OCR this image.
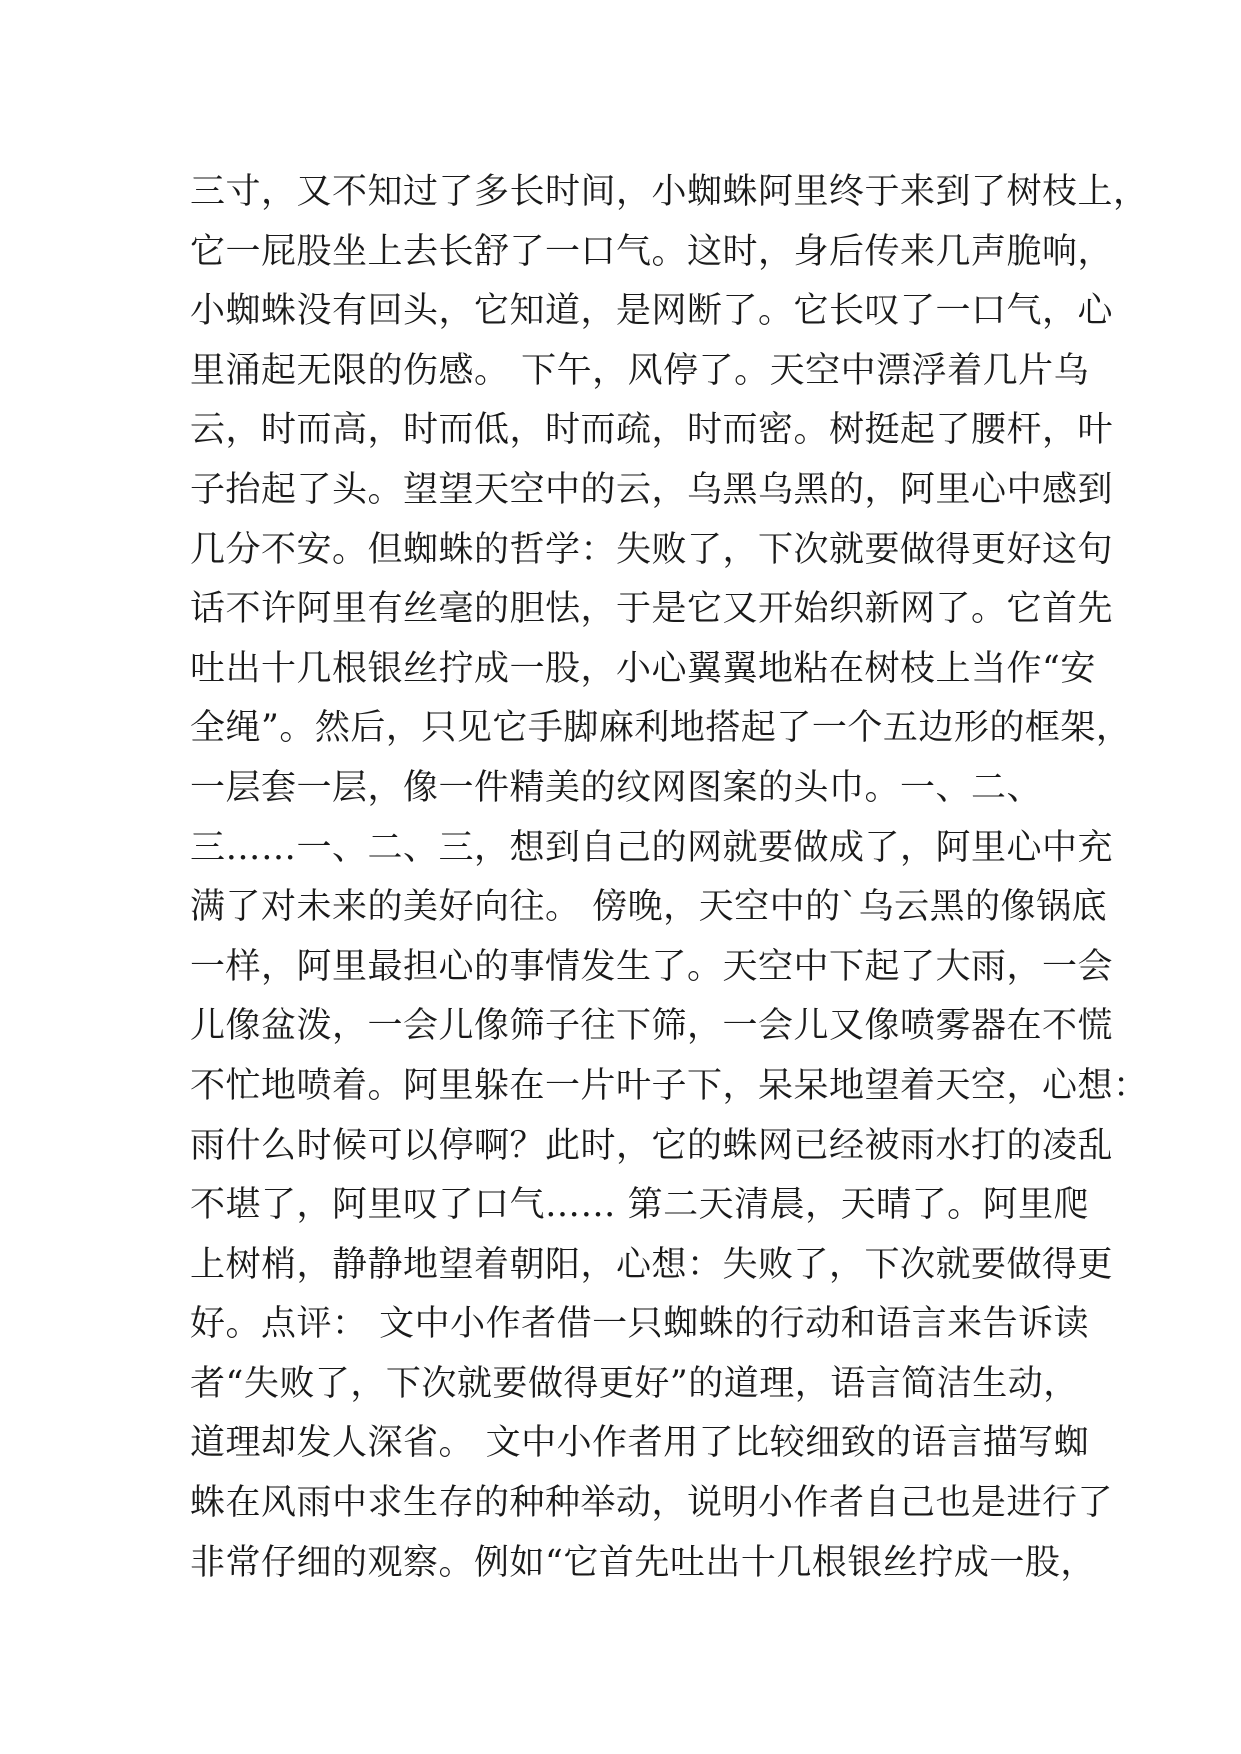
三寸，又不知过了多长时间，小蜘蛛阿里终于来到了树枝上，
它一屁股坐上去长舒了一口气。这时，身后传来几声脆响，
小蜘蛛没有回头，它知道，是网断了。它长叹了一口气，心
里涌起无限的伤感。 下午，风停了。天空中漂浮着几片乌
云，时而高，时而低，时而疏，时而密。树挺起了腰杆，叶
子抬起了头。望望天空中的云，乌黑乌黑的，阿里心中感到
几分不安。但蜘蛛的哲学：失败了，下次就要做得更好这句
话不许阿里有丝毫的胆怯，于是它又开始织新网了。它首先
吐出十几根银丝拧成一股，小心翼翼地粘在树枝上当作“安
全绳”。然后，只见它手脚麻利地搭起了一个五边形的框架，
一层套一层，像一件精美的纹网图案的头巾。一、二、
三……一、二、三，想到自己的网就要做成了，阿里心中充
满了对未来的美好向往。 傍晚，天空中的`乌云黑的像锅底
一样，阿里最担心的事情发生了。天空中下起了大雨，一会
儿像盆泼，一会儿像筛子往下筛，一会儿又像喷雾器在不慌
不忙地喷着。阿里躲在一片叶子下，呆呆地望着天空，心想：
雨什么时候可以停啊？此时，它的蛛网已经被雨水打的凌乱
不堪了，阿里叹了口气…… 第二天清晨，天晴了。阿里爬
上树梢，静静地望着朝阳，心想：失败了，下次就要做得更
好。点评： 文中小作者借一只蜘蛛的行动和语言来告诉读
者“失败了，下次就要做得更好”的道理，语言简洁生动，
道理却发人深省。 文中小作者用了比较细致的语言描写蜘
蛛在风雨中求生存的种种举动，说明小作者自己也是进行了
非常仔细的观察。例如“它首先吐出十几根银丝拧成一股，
